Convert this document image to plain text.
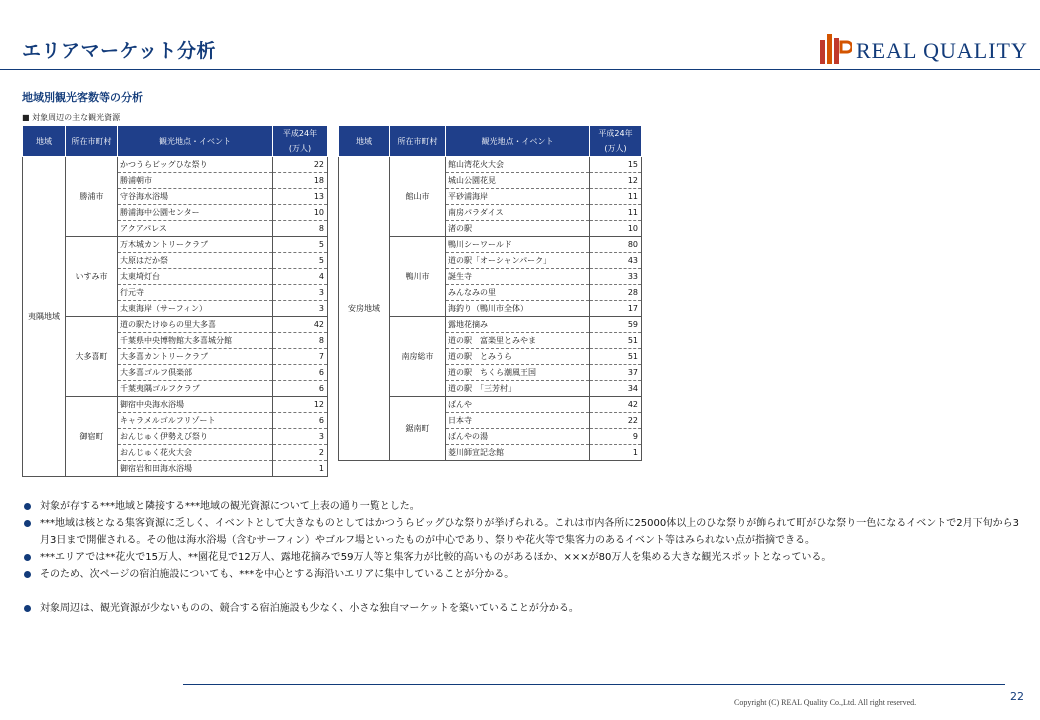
エリアマーケット分析	REAL QUALITY
地域別観光客数等の分析
■ 対象周辺の主な観光資源
地域	所在市町村	観光地点・イベント	平成24年
(万人)
夷隅地域	勝浦市	かつうらビッグひな祭り	22
		勝浦朝市	18
		守谷海水浴場	13
		勝浦海中公園センター	10
		アクアパレス	8
	いすみ市	万木城カントリークラブ	5
		大原はだか祭	5
		太東埼灯台	4
		行元寺	3
		太東海岸（サーフィン）	3
	大多喜町	道の駅たけゆらの里大多喜	42
		千葉県中央博物館大多喜城分館	8
		大多喜カントリークラブ	7
		大多喜ゴルフ倶楽部	6
		千葉夷隅ゴルフクラブ	6
	御宿町	御宿中央海水浴場	12
		キャラメルゴルフリゾート	6
		おんじゅく伊勢えび祭り	3
		おんじゅく花火大会	2
		御宿岩和田海水浴場	1
地域	所在市町村	観光地点・イベント	平成24年
(万人)
安房地域	館山市	館山湾花火大会	15
		城山公園花見	12
		平砂浦海岸	11
		南房パラダイス	11
		渚の駅	10
	鴨川市	鴨川シーワールド	80
		道の駅「オーシャンパーク」	43
		誕生寺	33
		みんなみの里	28
		海釣り（鴨川市全体）	17
	南房総市	露地花摘み	59
		道の駅　富楽里とみやま	51
		道の駅　とみうら	51
		道の駅　ちくら潮風王国	37
		道の駅　「三芳村」	34
	鋸南町	ばんや	42
		日本寺	22
		ばんやの湯	9
		菱川師宣記念館	1
対象が存する***地域と隣接する***地域の観光資源について上表の通り一覧とした。
***地域は核となる集客資源に乏しく、イベントとして大きなものとしてはかつうらビッグひな祭りが挙げられる。これは市内各所に25000体以上のひな祭りが飾られて町がひな祭り一色になるイベントで2月下旬から3月3日まで開催される。その他は海水浴場（含むサーフィン）やゴルフ場といったものが中心であり、祭りや花火等で集客力のあるイベント等はみられない点が指摘できる。
***エリアでは**花火で15万人、**園花見で12万人、露地花摘みで59万人等と集客力が比較的高いものがあるほか、×××が80万人を集める大きな観光スポットとなっている。
そのため、次ページの宿泊施設についても、***を中心とする海沿いエリアに集中していることが分かる。
対象周辺は、観光資源が少ないものの、競合する宿泊施設も少なく、小さな独自マーケットを築いていることが分かる。
Copyright (C) REAL Quality Co.,Ltd. All right reserved.	22
